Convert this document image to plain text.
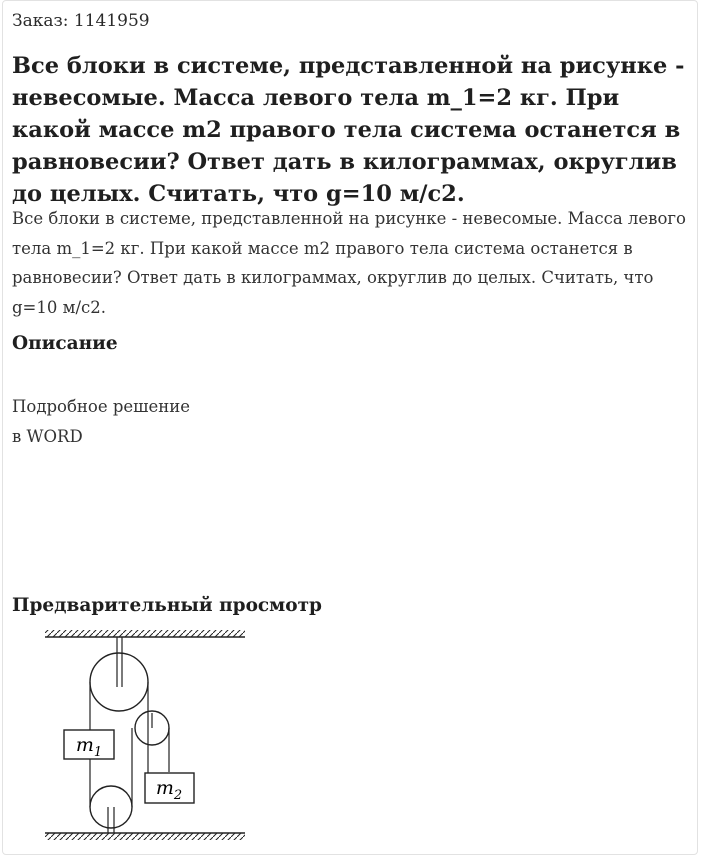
Заказ: 1141959
Все блоки в системе, представленной на рисунке - невесомые. Масса левого тела m_1=2 кг. При какой массе m2 правого тела система останется в равновесии? Ответ дать в килограммах, округлив до целых. Считать, что g=10 м/с2.

Все блоки в системе, представленной на рисунке - невесомые. Масса левого тела m_1=2 кг. При какой массе m2 правого тела система останется в равновесии? Ответ дать в килограммах, округлив до целых. Считать, что g=10 м/с2.

Описание
Подробное решение
в WORD
Предварительный просмотр
$m_1$
$m_2$
